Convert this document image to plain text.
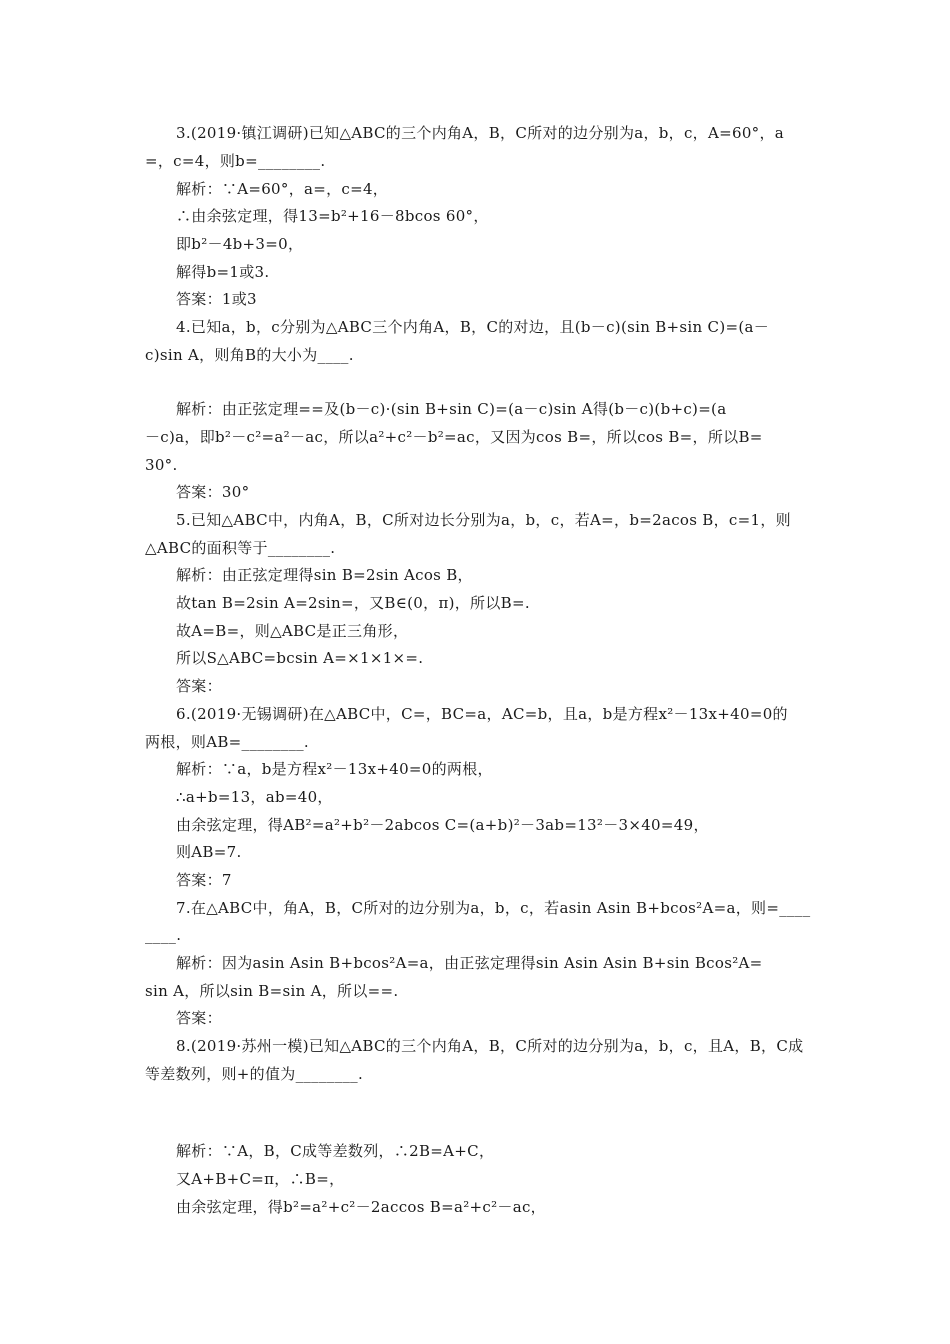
3.(2019·镇江调研)已知△ABC的三个内角A，B，C所对的边分别为a，b，c，A=60°，a
=，c=4，则b=________.
解析：∵A=60°，a=，c=4，
∴由余弦定理，得13=b²+16－8bcos 60°，
即b²－4b+3=0，
解得b=1或3.
答案：1或3
4.已知a，b，c分别为△ABC三个内角A，B，C的对边，且(b－c)(sin B+sin C)=(a－
c)sin A，则角B的大小为____.
解析：由正弦定理==及(b－c)·(sin B+sin C)=(a－c)sin A得(b－c)(b+c)=(a
－c)a，即b²－c²=a²－ac，所以a²+c²－b²=ac，又因为cos B=，所以cos B=，所以B=
30°.
答案：30°
5.已知△ABC中，内角A，B，C所对边长分别为a，b，c，若A=，b=2acos B，c=1，则
△ABC的面积等于________.
解析：由正弦定理得sin B=2sin Acos B，
故tan B=2sin A=2sin=，又B∈(0，π)，所以B=.
故A=B=，则△ABC是正三角形，
所以S△ABC=bcsin A=×1×1×=.
答案：
6.(2019·无锡调研)在△ABC中，C=，BC=a，AC=b，且a，b是方程x²－13x+40=0的
两根，则AB=________.
解析：∵a，b是方程x²－13x+40=0的两根，
∴a+b=13，ab=40，
由余弦定理，得AB²=a²+b²－2abcos C=(a+b)²－3ab=13²－3×40=49，
则AB=7.
答案：7
7.在△ABC中，角A，B，C所对的边分别为a，b，c，若asin Asin B+bcos²A=a，则=____
____.
解析：因为asin Asin B+bcos²A=a，由正弦定理得sin Asin Asin B+sin Bcos²A=
sin A，所以sin B=sin A，所以==.
答案：
8.(2019·苏州一模)已知△ABC的三个内角A，B，C所对的边分别为a，b，c，且A，B，C成
等差数列，则+的值为________.
解析：∵A，B，C成等差数列，∴2B=A+C，
又A+B+C=π，∴B=，
由余弦定理，得b²=a²+c²－2accos B=a²+c²－ac，
